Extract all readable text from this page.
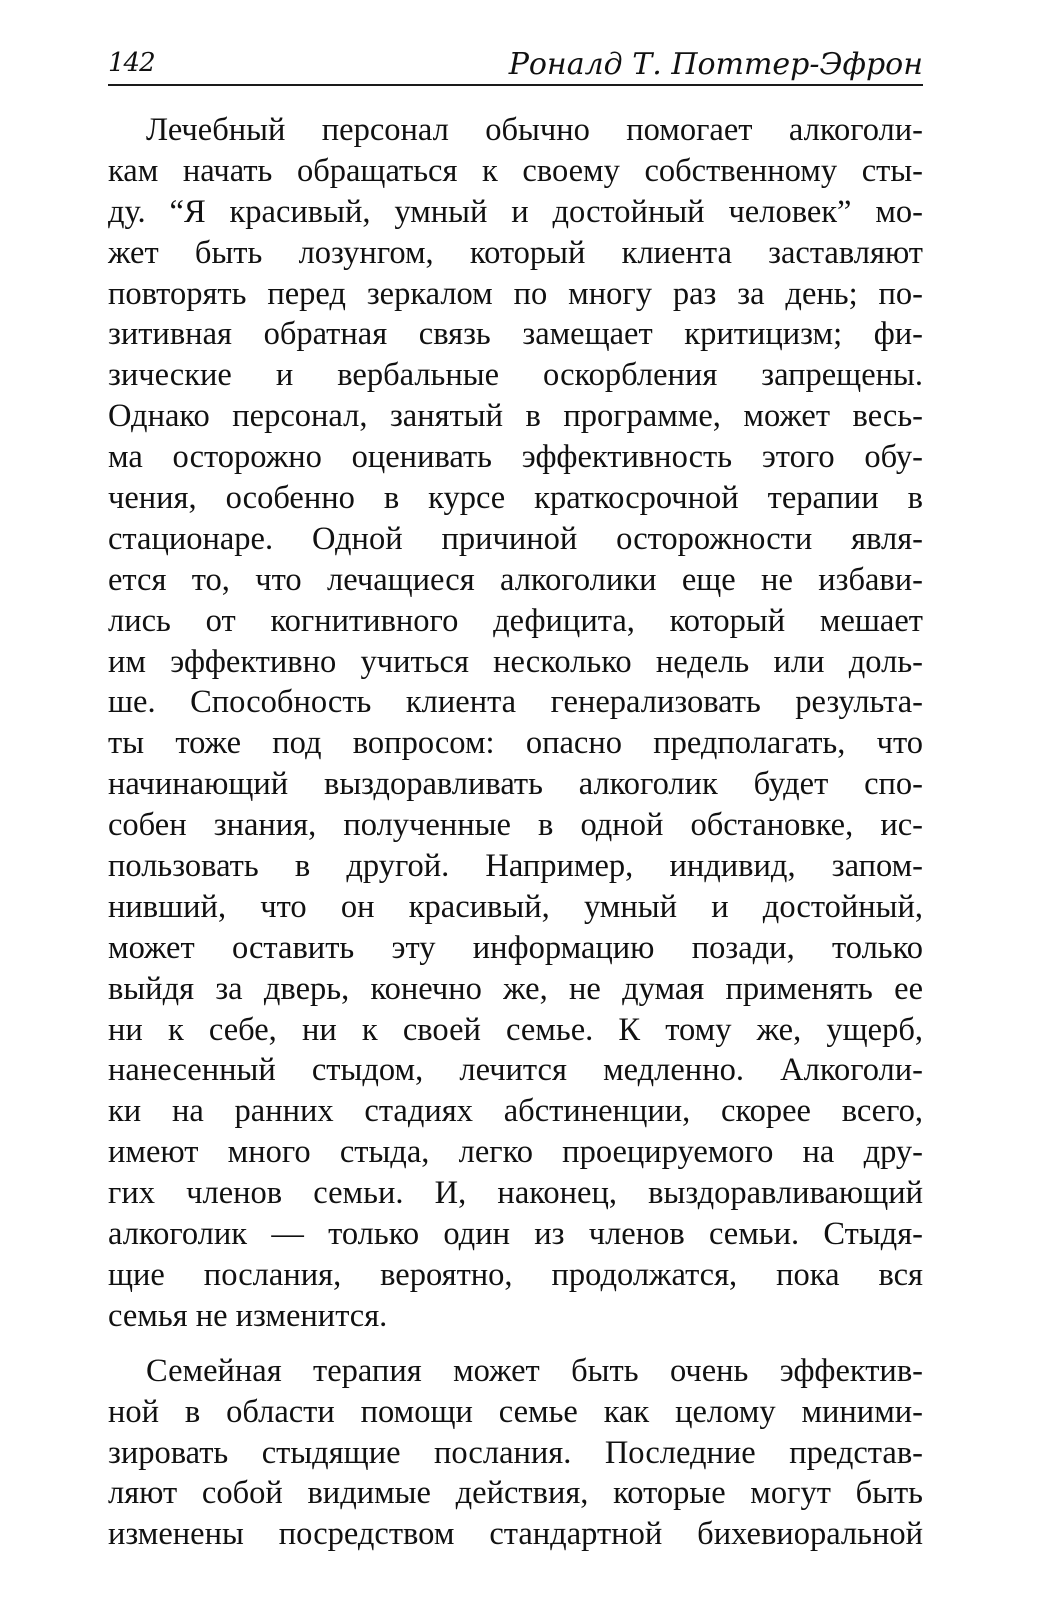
142	Роналд Т. Поттер-Эфрон
Лечебный персонал обычно помогает алкоголи-
кам начать обращаться к своему собственному сты-
ду. “Я красивый, умный и достойный человек” мо-
жет быть лозунгом, который клиента заставляют
повторять перед зеркалом по многу раз за день; по-
зитивная обратная связь замещает критицизм; фи-
зические и вербальные оскорбления запрещены.
Однако персонал, занятый в программе, может весь-
ма осторожно оценивать эффективность этого обу-
чения, особенно в курсе краткосрочной терапии в
стационаре. Одной причиной осторожности явля-
ется то, что лечащиеся алкоголики еще не избави-
лись от когнитивного дефицита, который мешает
им эффективно учиться несколько недель или доль-
ше. Способность клиента генерализовать результа-
ты тоже под вопросом: опасно предполагать, что
начинающий выздоравливать алкоголик будет спо-
собен знания, полученные в одной обстановке, ис-
пользовать в другой. Например, индивид, запом-
нивший, что он красивый, умный и достойный,
может оставить эту информацию позади, только
выйдя за дверь, конечно же, не думая применять ее
ни к себе, ни к своей семье. К тому же, ущерб,
нанесенный стыдом, лечится медленно. Алкоголи-
ки на ранних стадиях абстиненции, скорее всего,
имеют много стыда, легко проецируемого на дру-
гих членов семьи. И, наконец, выздоравливающий
алкоголик — только один из членов семьи. Стыдя-
щие послания, вероятно, продолжатся, пока вся
семья не изменится.
Семейная терапия может быть очень эффектив-
ной в области помощи семье как целому миними-
зировать стыдящие послания. Последние представ-
ляют собой видимые действия, которые могут быть
изменены посредством стандартной бихевиоральной
